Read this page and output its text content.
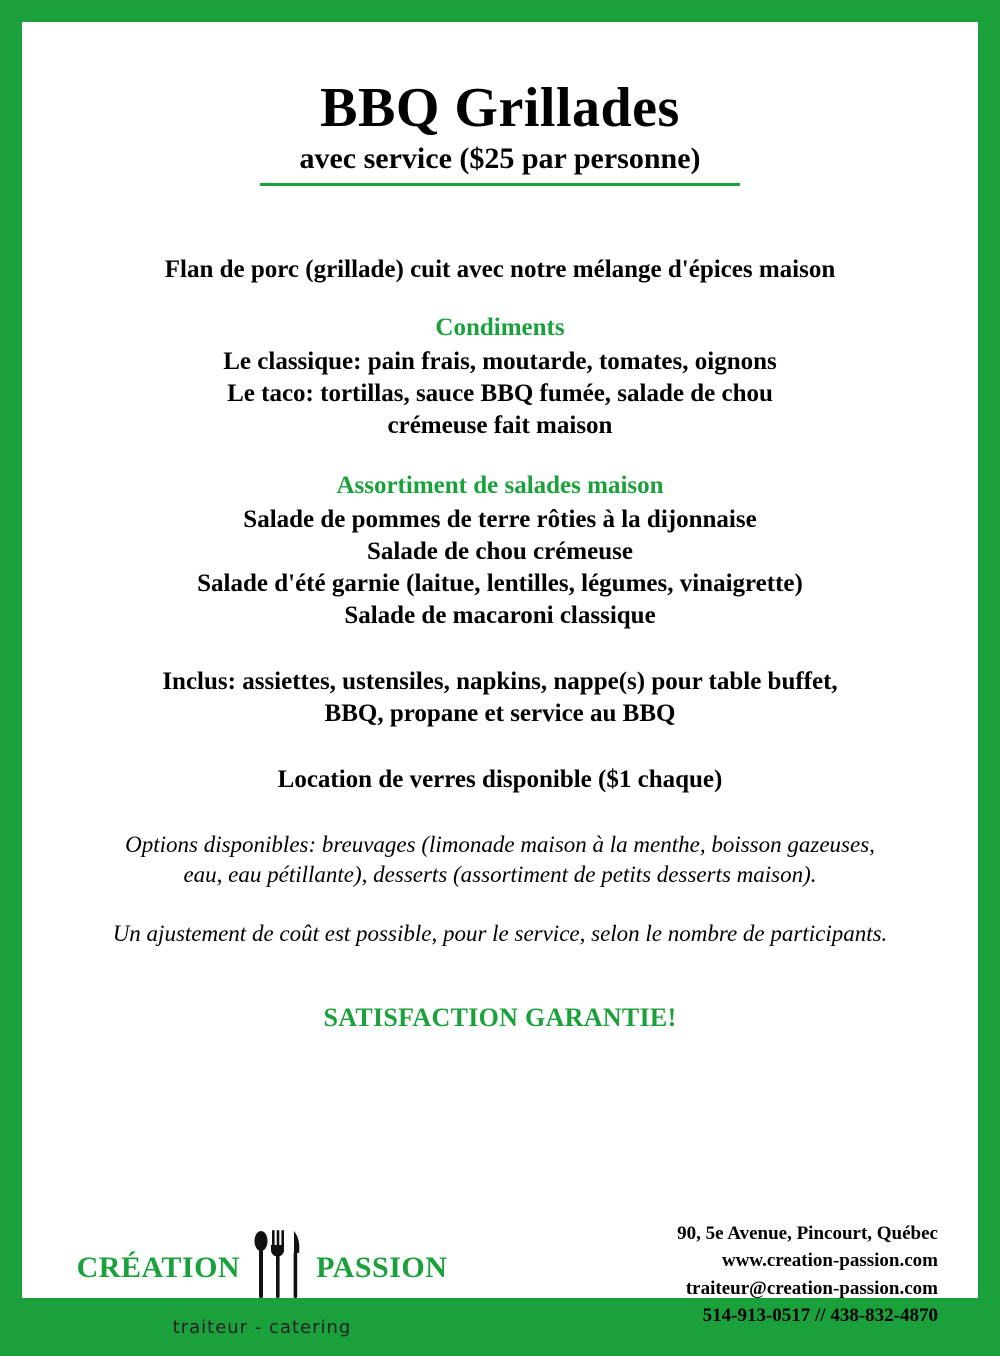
BBQ Grillades
avec service ($25 par personne)
Flan de porc (grillade) cuit avec notre mélange d'épices maison
Condiments
Le classique: pain frais, moutarde, tomates, oignons
Le taco: tortillas, sauce BBQ fumée, salade de chou
crémeuse fait maison
Assortiment de salades maison
Salade de pommes de terre rôties à la dijonnaise
Salade de chou crémeuse
Salade d'été garnie (laitue, lentilles, légumes, vinaigrette)
Salade de macaroni classique
Inclus: assiettes, ustensiles, napkins, nappe(s) pour table buffet,
BBQ, propane et service au BBQ
Location de verres disponible ($1 chaque)
Options disponibles: breuvages (limonade maison à la menthe, boisson gazeuses,
eau, eau pétillante), desserts (assortiment de petits desserts maison).
Un ajustement de coût est possible, pour le service, selon le nombre de participants.
SATISFACTION GARANTIE!
CRÉATION	PASSION
traiteur - catering
90, 5e Avenue, Pincourt, Québec
www.creation-passion.com
traiteur@creation-passion.com
514-913-0517 // 438-832-4870
